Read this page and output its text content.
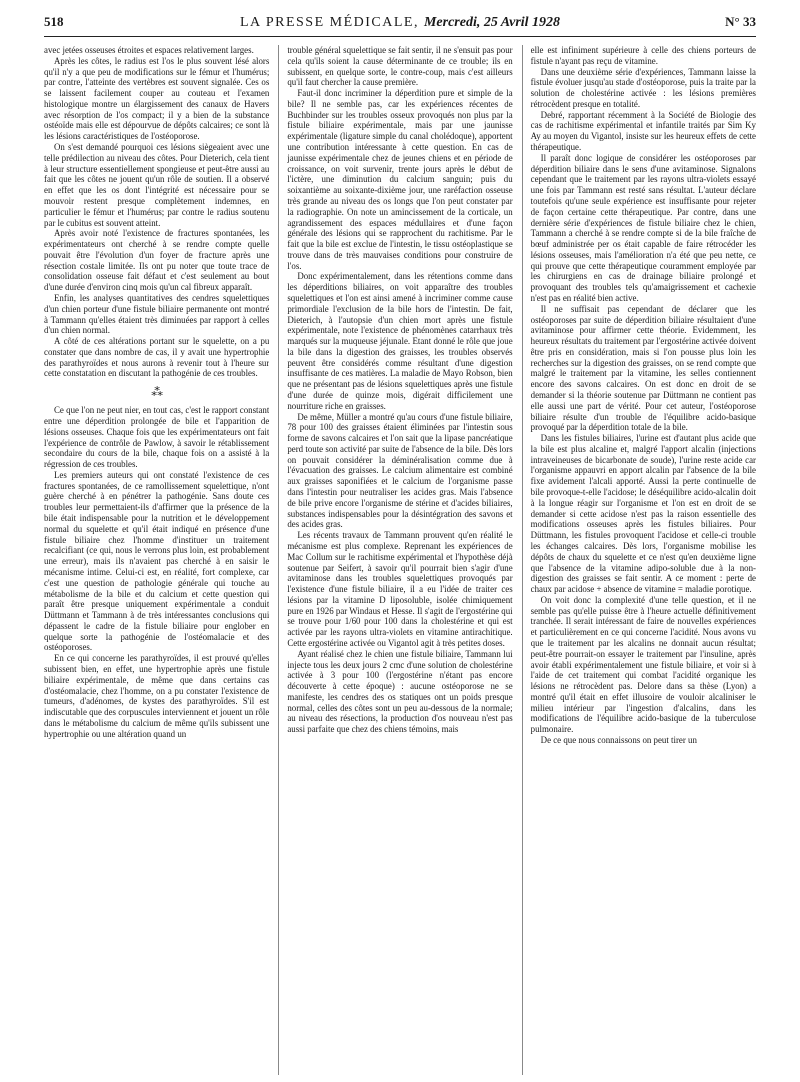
518	LA PRESSE MÉDICALE, Mercredi, 25 Avril 1928	N° 33

avec jetées osseuses étroites et espaces relativement larges.

Après les côtes, le radius est l'os le plus souvent lésé alors qu'il n'y a que peu de modifications sur le fémur et l'humérus; par contre, l'atteinte des vertèbres est souvent signalée. Ces os se laissent facilement couper au couteau et l'examen histologique montre un élargissement des canaux de Havers avec résorption de l'os compact; il y a bien de la substance ostéoïde mais elle est dépourvue de dépôts calcaires; ce sont là les lésions caractéristiques de l'ostéoporose.

On s'est demandé pourquoi ces lésions siègeaient avec une telle prédilection au niveau des côtes. Pour Dieterich, cela tient à leur structure essentiellement spongieuse et peut-être aussi au fait que les côtes ne jouent qu'un rôle de soutien. Il a observé en effet que les os dont l'intégrité est nécessaire pour se mouvoir restent presque complètement indemnes, en particulier le fémur et l'humérus; par contre le radius soutenu par le cubitus est souvent atteint.

Après avoir noté l'existence de fractures spontanées, les expérimentateurs ont cherché à se rendre compte quelle pouvait être l'évolution d'un foyer de fracture après une résection costale limitée. Ils ont pu noter que toute trace de consolidation osseuse fait défaut et c'est seulement au bout d'une durée d'environ cinq mois qu'un cal fibreux apparaît.

Enfin, les analyses quantitatives des cendres squelettiques d'un chien porteur d'une fistule biliaire permanente ont montré à Tammann qu'elles étaient très diminuées par rapport à celles d'un chien normal.

A côté de ces altérations portant sur le squelette, on a pu constater que dans nombre de cas, il y avait une hypertrophie des parathyroïdes et nous aurons à revenir tout à l'heure sur cette constatation en discutant la pathogénie de ces troubles.

⁂

Ce que l'on ne peut nier, en tout cas, c'est le rapport constant entre une déperdition prolongée de bile et l'apparition de lésions osseuses. Chaque fois que les expérimentateurs ont fait l'expérience de contrôle de Pawlow, à savoir le rétablissement secondaire du cours de la bile, chaque fois on a assisté à la régression de ces troubles.

Les premiers auteurs qui ont constaté l'existence de ces fractures spontanées, de ce ramollissement squelettique, n'ont guère cherché à en pénétrer la pathogénie. Sans doute ces troubles leur permettaient-ils d'affirmer que la présence de la bile était indispensable pour la nutrition et le développement normal du squelette et qu'il était indiqué en présence d'une fistule biliaire chez l'homme d'instituer un traitement recalcifiant (ce qui, nous le verrons plus loin, est probablement une erreur), mais ils n'avaient pas cherché à en saisir le mécanisme intime. Celui-ci est, en réalité, fort complexe, car c'est une question de pathologie générale qui touche au métabolisme de la bile et du calcium et cette question qui paraît être presque uniquement expérimentale a conduit Düttmann et Tammann à de très intéressantes conclusions qui dépassent le cadre de la fistule biliaire pour englober en quelque sorte la pathogénie de l'ostéomalacie et des ostéoporoses.

En ce qui concerne les parathyroïdes, il est prouvé qu'elles subissent bien, en effet, une hypertrophie après une fistule biliaire expérimentale, de même que dans certains cas d'ostéomalacie, chez l'homme, on a pu constater l'existence de tumeurs, d'adénomes, de kystes des parathyroïdes. S'il est indiscutable que des corpuscules interviennent et jouent un rôle dans le métabolisme du calcium de même qu'ils subissent une hypertrophie ou une altération quand un

trouble général squelettique se fait sentir, il ne s'ensuit pas pour cela qu'ils soient la cause déterminante de ce trouble; ils en subissent, en quelque sorte, le contre-coup, mais c'est ailleurs qu'il faut chercher la cause première.

Faut-il donc incriminer la déperdition pure et simple de la bile? Il ne semble pas, car les expériences récentes de Buchbinder sur les troubles osseux provoqués non plus par la fistule biliaire expérimentale, mais par une jaunisse expérimentale (ligature simple du canal cholédoque), apportent une contribution intéressante à cette question. En cas de jaunisse expérimentale chez de jeunes chiens et en période de croissance, on voit survenir, trente jours après le début de l'ictère, une diminution du calcium sanguin; puis du soixantième au soixante-dixième jour, une raréfaction osseuse très grande au niveau des os longs que l'on peut constater par la radiographie. On note un amincissement de la corticale, un agrandissement des espaces médullaires et d'une façon générale des lésions qui se rapprochent du rachitisme. Par le fait que la bile est exclue de l'intestin, le tissu ostéoplastique se trouve dans de très mauvaises conditions pour construire de l'os.

Donc expérimentalement, dans les rétentions comme dans les déperditions biliaires, on voit apparaître des troubles squelettiques et l'on est ainsi amené à incriminer comme cause primordiale l'exclusion de la bile hors de l'intestin. De fait, Dieterich, à l'autopsie d'un chien mort après une fistule expérimentale, note l'existence de phénomènes catarrhaux très marqués sur la muqueuse jéjunale. Etant donné le rôle que joue la bile dans la digestion des graisses, les troubles observés peuvent être considérés comme résultant d'une digestion insuffisante de ces matières. La maladie de Mayo Robson, bien que ne présentant pas de lésions squelettiques après une fistule d'une durée de quinze mois, digérait difficilement une nourriture riche en graisses.

De même, Müller a montré qu'au cours d'une fistule biliaire, 78 pour 100 des graisses étaient éliminées par l'intestin sous forme de savons calcaires et l'on sait que la lipase pancréatique perd toute son activité par suite de l'absence de la bile. Dès lors on pouvait considérer la déminéralisation comme due à l'évacuation des graisses. Le calcium alimentaire est combiné aux graisses saponifiées et le calcium de l'organisme passe dans l'intestin pour neutraliser les acides gras. Mais l'absence de bile prive encore l'organisme de stérine et d'acides biliaires, substances indispensables pour la désintégration des savons et des acides gras.

Les récents travaux de Tammann prouvent qu'en réalité le mécanisme est plus complexe. Reprenant les expériences de Mac Collum sur le rachitisme expérimental et l'hypothèse déjà soutenue par Seifert, à savoir qu'il pourrait bien s'agir d'une avitaminose dans les troubles squelettiques provoqués par l'existence d'une fistule biliaire, il a eu l'idée de traiter ces lésions par la vitamine D liposoluble, isolée chimiquement pure en 1926 par Windaus et Hesse. Il s'agit de l'ergostérine qui se trouve pour 1/60 pour 100 dans la cholestérine et qui est activée par les rayons ultra-violets en vitamine antirachitique. Cette ergostérine activée ou Vigantol agit à très petites doses.

Ayant réalisé chez le chien une fistule biliaire, Tammann lui injecte tous les deux jours 2 cmc d'une solution de cholestérine activée à 3 pour 100 (l'ergostérine n'étant pas encore découverte à cette époque) : aucune ostéoporose ne se manifeste, les cendres des os statiques ont un poids presque normal, celles des côtes sont un peu au-dessous de la normale; au niveau des résections, la production d'os nouveau n'est pas aussi parfaite que chez des chiens témoins, mais

elle est infiniment supérieure à celle des chiens porteurs de fistule n'ayant pas reçu de vitamine.

Dans une deuxième série d'expériences, Tammann laisse la fistule évoluer jusqu'au stade d'ostéoporose, puis la traite par la solution de cholestérine activée : les lésions premières rétrocèdent presque en totalité.

Debré, rapportant récemment à la Société de Biologie des cas de rachitisme expérimental et infantile traités par Sim Ky Ay au moyen du Vigantol, insiste sur les heureux effets de cette thérapeutique.

Il paraît donc logique de considérer les ostéoporoses par déperdition biliaire dans le sens d'une avitaminose. Signalons cependant que le traitement par les rayons ultra-violets essayé une fois par Tammann est resté sans résultat. L'auteur déclare toutefois qu'une seule expérience est insuffisante pour rejeter de façon certaine cette thérapeutique. Par contre, dans une dernière série d'expériences de fistule biliaire chez le chien, Tammann a cherché à se rendre compte si de la bile fraîche de bœuf administrée per os était capable de faire rétrocéder les lésions osseuses, mais l'amélioration n'a été que peu nette, ce qui prouve que cette thérapeutique couramment employée par les chirurgiens en cas de drainage biliaire prolongé et provoquant des troubles tels qu'amaigrissement et cachexie n'est pas en réalité bien active.

Il ne suffisait pas cependant de déclarer que les ostéoporoses par suite de déperdition biliaire résultaient d'une avitaminose pour affirmer cette théorie. Evidemment, les heureux résultats du traitement par l'ergostérine activée doivent être pris en considération, mais si l'on pousse plus loin les recherches sur la digestion des graisses, on se rend compte que malgré le traitement par la vitamine, les selles contiennent encore des savons calcaires. On est donc en droit de se demander si la théorie soutenue par Düttmann ne contient pas elle aussi une part de vérité. Pour cet auteur, l'ostéoporose biliaire résulte d'un trouble de l'équilibre acido-basique provoqué par la déperdition totale de la bile.

Dans les fistules biliaires, l'urine est d'autant plus acide que la bile est plus alcaline et, malgré l'apport alcalin (injections intraveineuses de bicarbonate de soude), l'urine reste acide car l'organisme appauvri en apport alcalin par l'absence de la bile fixe avidement l'alcali apporté. Aussi la perte continuelle de bile provoque-t-elle l'acidose; le déséquilibre acido-alcalin doit à la longue réagir sur l'organisme et l'on est en droit de se demander si cette acidose n'est pas la raison essentielle des modifications osseuses après les fistules biliaires. Pour Düttmann, les fistules provoquent l'acidose et celle-ci trouble les échanges calcaires. Dès lors, l'organisme mobilise les dépôts de chaux du squelette et ce n'est qu'en deuxième ligne que l'absence de la vitamine adipo-soluble due à la non-digestion des graisses se fait sentir. A ce moment : perte de chaux par acidose + absence de vitamine = maladie porotique.

On voit donc la complexité d'une telle question, et il ne semble pas qu'elle puisse être à l'heure actuelle définitivement tranchée. Il serait intéressant de faire de nouvelles expériences et particulièrement en ce qui concerne l'acidité. Nous avons vu que le traitement par les alcalins ne donnait aucun résultat; peut-être pourrait-on essayer le traitement par l'insuline, après avoir établi expérimentalement une fistule biliaire, et voir si à l'aide de cet traitement qui combat l'acidité organique les lésions ne rétrocèdent pas. Delore dans sa thèse (Lyon) a montré qu'il était en effet illusoire de vouloir alcaliniser le milieu intérieur par l'ingestion d'alcalins, dans les modifications de l'équilibre acido-basique de la tuberculose pulmonaire.

De ce que nous connaissons on peut tirer un
